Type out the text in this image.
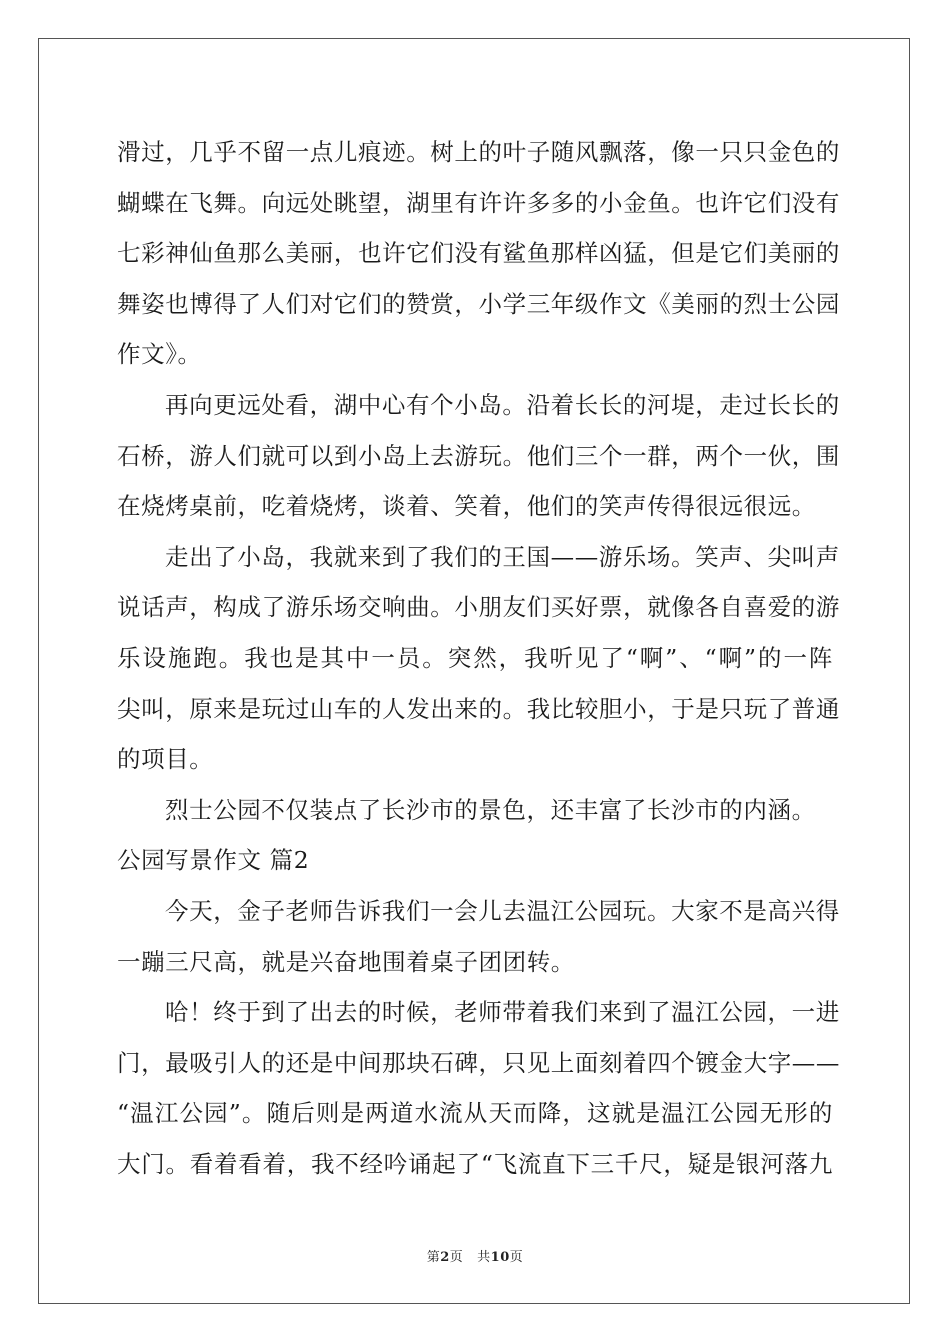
滑过，几乎不留一点儿痕迹。树上的叶子随风飘落，像一只只金色的
蝴蝶在飞舞。向远处眺望，湖里有许许多多的小金鱼。也许它们没有
七彩神仙鱼那么美丽，也许它们没有鲨鱼那样凶猛，但是它们美丽的
舞姿也博得了人们对它们的赞赏，小学三年级作文《美丽的烈士公园
作文》。
再向更远处看，湖中心有个小岛。沿着长长的河堤，走过长长的
石桥，游人们就可以到小岛上去游玩。他们三个一群，两个一伙，围
在烧烤桌前，吃着烧烤，谈着、笑着，他们的笑声传得很远很远。
走出了小岛，我就来到了我们的王国——游乐场。笑声、尖叫声
说话声，构成了游乐场交响曲。小朋友们买好票，就像各自喜爱的游
乐设施跑。我也是其中一员。突然，我听见了“啊”、“啊”的一阵
尖叫，原来是玩过山车的人发出来的。我比较胆小，于是只玩了普通
的项目。
烈士公园不仅装点了长沙市的景色，还丰富了长沙市的内涵。
公园写景作文 篇2
今天，金子老师告诉我们一会儿去温江公园玩。大家不是高兴得
一蹦三尺高，就是兴奋地围着桌子团团转。
哈！终于到了出去的时候，老师带着我们来到了温江公园，一进
门，最吸引人的还是中间那块石碑，只见上面刻着四个镀金大字——
“温江公园”。随后则是两道水流从天而降，这就是温江公园无形的
大门。看着看着，我不经吟诵起了“飞流直下三千尺，疑是银河落九
第2页   共10页
